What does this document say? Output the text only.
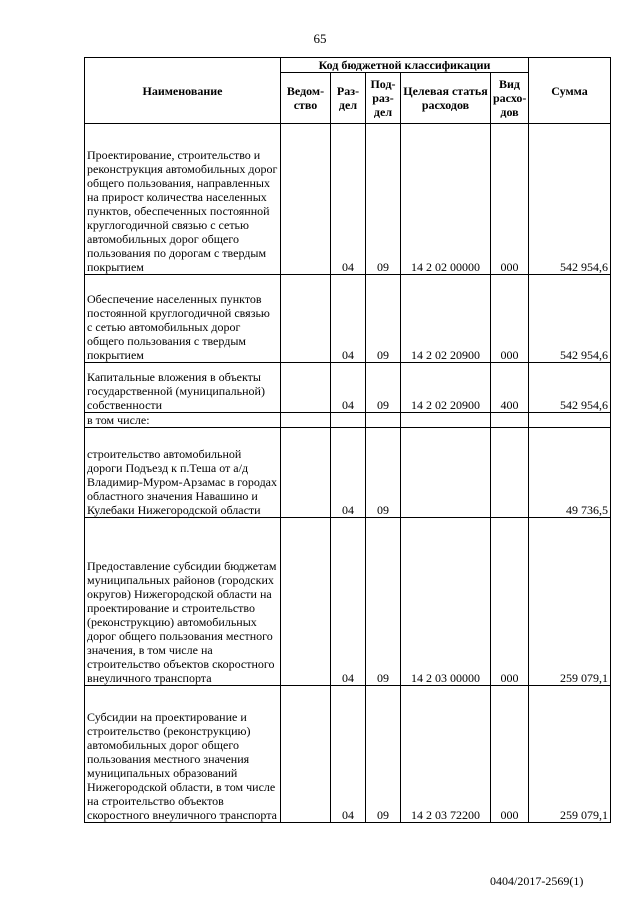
65
Наименование	Код бюджетной классификации					Сумма
	Ведом-ство	Раз-дел	Под-раз-дел	Целевая статья расходов	Вид расхо-дов	
Проектирование, строительство и реконструкция автомобильных дорог общего пользования, направленных на прирост количества населенных пунктов, обеспеченных постоянной круглогодичной связью с сетью автомобильных дорог общего пользования по дорогам с твердым покрытием		04	09	14 2 02 00000	000	542 954,6
Обеспечение населенных пунктов постоянной круглогодичной связью с сетью автомобильных дорог общего пользования с твердым покрытием		04	09	14 2 02 20900	000	542 954,6
Капитальные вложения в объекты государственной (муниципальной) собственности		04	09	14 2 02 20900	400	542 954,6
в том числе:						
строительство автомобильной дороги Подъезд к п.Теша от а/д Владимир-Муром-Арзамас в городах областного значения Навашино и Кулебаки Нижегородской области		04	09			49 736,5
Предоставление субсидии бюджетам муниципальных районов (городских округов) Нижегородской области на проектирование и строительство (реконструкцию) автомобильных дорог общего пользования местного значения, в том числе на строительство объектов скоростного внеуличного транспорта		04	09	14 2 03 00000	000	259 079,1
Субсидии на проектирование и строительство (реконструкцию) автомобильных дорог общего пользования местного значения муниципальных образований Нижегородской области, в том числе на строительство объектов скоростного внеуличного транспорта		04	09	14 2 03 72200	000	259 079,1
0404/2017-2569(1)
